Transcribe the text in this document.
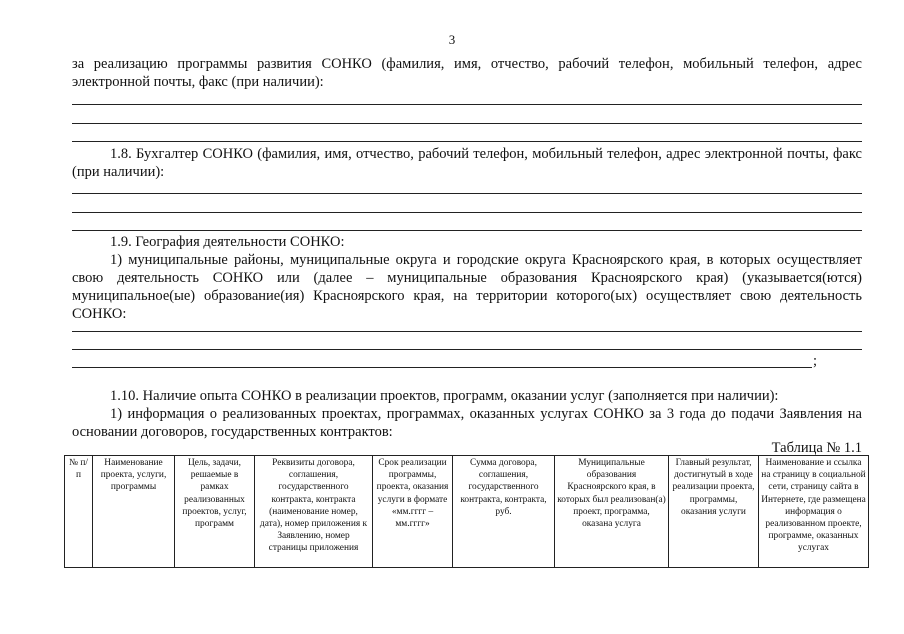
3
за реализацию программы развития СОНКО (фамилия, имя, отчество, рабочий телефон, мобильный телефон, адрес электронной почты, факс (при наличии):
1.8. Бухгалтер СОНКО (фамилия, имя, отчество, рабочий телефон, мобильный телефон, адрес электронной почты, факс (при наличии):
1.9. География деятельности СОНКО:
1) муниципальные районы, муниципальные округа и городские округа Красноярского края, в которых осуществляет свою деятельность СОНКО или (далее – муниципальные образования Красноярского края) (указывается(ются) муниципальное(ые) образование(ия) Красноярского края, на территории которого(ых) осуществляет свою деятельность СОНКО:
;
1.10. Наличие опыта СОНКО в реализации проектов, программ, оказании услуг (заполняется при наличии):
1) информация о реализованных проектах, программах, оказанных услугах СОНКО за 3 года до подачи Заявления на основании договоров, государственных контрактов:
Таблица № 1.1
№ п/п	Наименование проекта, услуги, программы	Цель, задачи, решаемые в рамках реализованных проектов, услуг, программ	Реквизиты договора, соглашения, государственного контракта, контракта (наименование номер, дата), номер приложения к Заявлению, номер страницы приложения	Срок реализации программы, проекта, оказания услуги в формате «мм.гггг – мм.гггг»	Сумма договора, соглашения, государственного контракта, контракта, руб.	Муниципальные образования Красноярского края, в которых был реализован(а) проект, программа, оказана услуга	Главный результат, достигнутый в ходе реализации проекта, программы, оказания услуги	Наименование и ссылка на страницу в социальной сети, страницу сайта в Интернете, где размещена информация о реализованном проекте, программе, оказанных услугах
